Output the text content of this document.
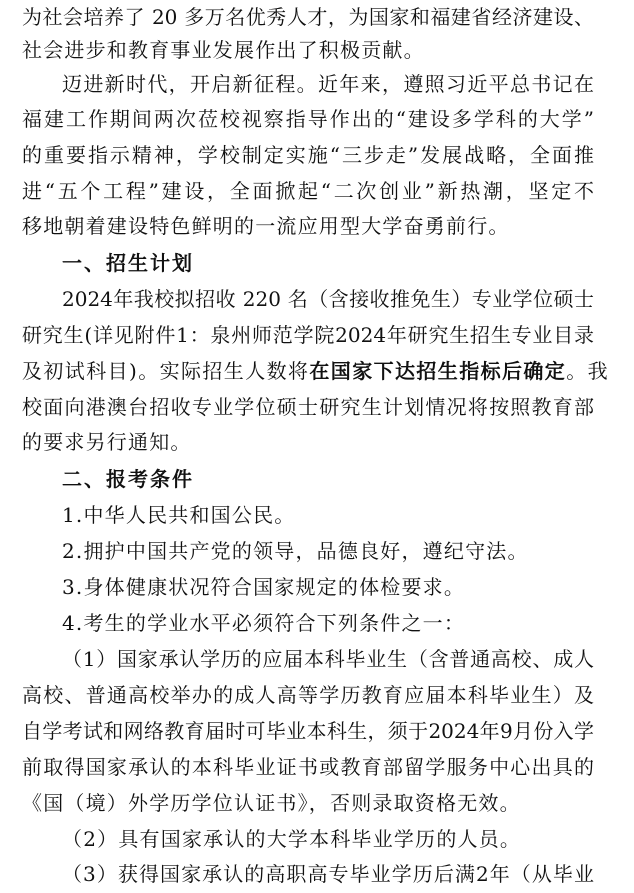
为社会培养了 20 多万名优秀人才，为国家和福建省经济建设、
社会进步和教育事业发展作出了积极贡献。
迈进新时代，开启新征程。近年来，遵照习近平总书记在
福建工作期间两次莅校视察指导作出的“建设多学科的大学”
的重要指示精神，学校制定实施“三步走”发展战略，全面推
进“五个工程”建设，全面掀起“二次创业”新热潮，坚定不
移地朝着建设特色鲜明的一流应用型大学奋勇前行。
一、招生计划
2024年我校拟招收 220 名（含接收推免生）专业学位硕士
研究生(详见附件1：泉州师范学院2024年研究生招生专业目录
及初试科目)。实际招生人数将在国家下达招生指标后确定。我
校面向港澳台招收专业学位硕士研究生计划情况将按照教育部
的要求另行通知。
二、报考条件
1.中华人民共和国公民。
2.拥护中国共产党的领导，品德良好，遵纪守法。
3.身体健康状况符合国家规定的体检要求。
4.考生的学业水平必须符合下列条件之一：
（1）国家承认学历的应届本科毕业生（含普通高校、成人
高校、普通高校举办的成人高等学历教育应届本科毕业生）及
自学考试和网络教育届时可毕业本科生，须于2024年9月份入学
前取得国家承认的本科毕业证书或教育部留学服务中心出具的
《国（境）外学历学位认证书》，否则录取资格无效。
（2）具有国家承认的大学本科毕业学历的人员。
（3）获得国家承认的高职高专毕业学历后满2年（从毕业
